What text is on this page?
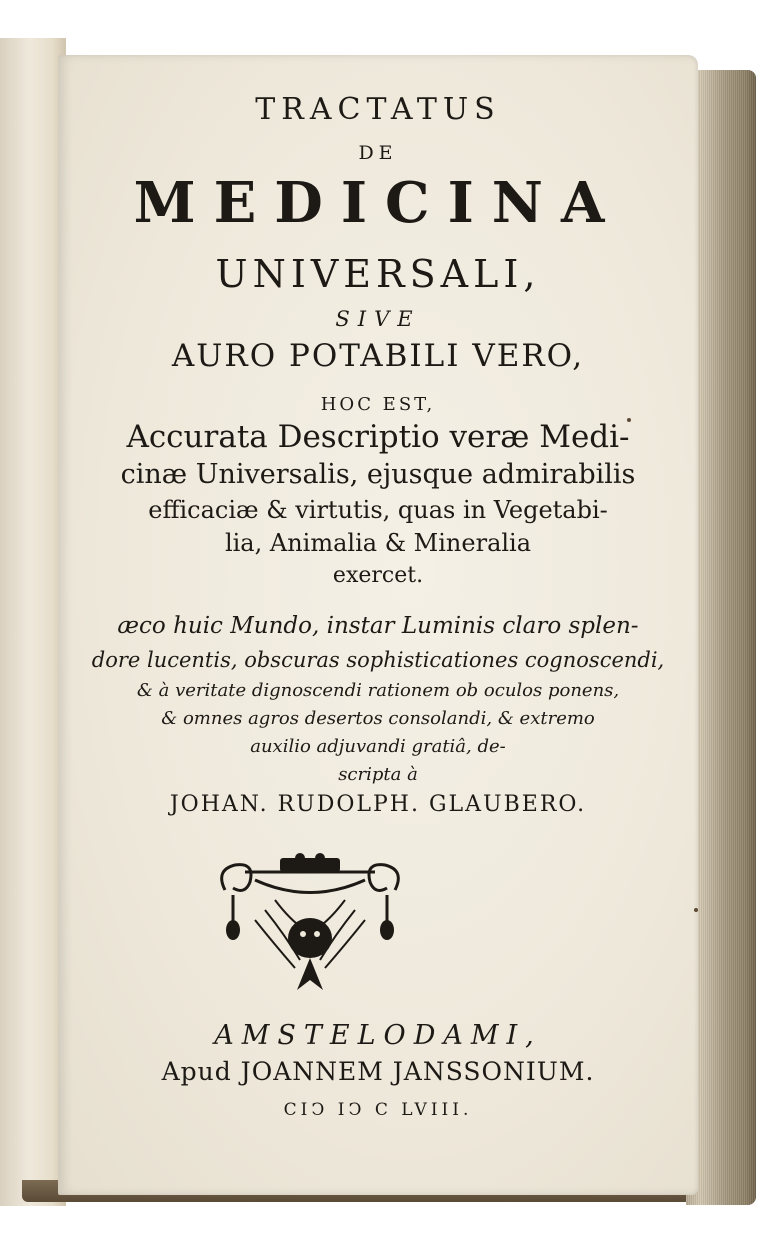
TRACTATUS

DE

MEDICINA

UNIVERSALI,

SIVE

AURO POTABILI VERO,

HOC EST,

Accurata Descriptio veræ Medi-

cinæ Universalis, ejusque admirabilis

efficaciæ & virtutis, quas in Vegetabi-

lia, Animalia & Mineralia

exercet.

æco huic Mundo, instar Luminis claro splen-

dore lucentis, obscuras sophisticationes cognoscendi,

& à veritate dignoscendi rationem ob oculos ponens,

& omnes agros desertos consolandi, & extremo

auxilio adjuvandi gratiâ, de-

scripta à

JOHAN. RUDOLPH. GLAUBERO.

AMSTELODAMI,

Apud JOANNEM JANSSONIUM.

CIↃ IↃ C LVIII.
